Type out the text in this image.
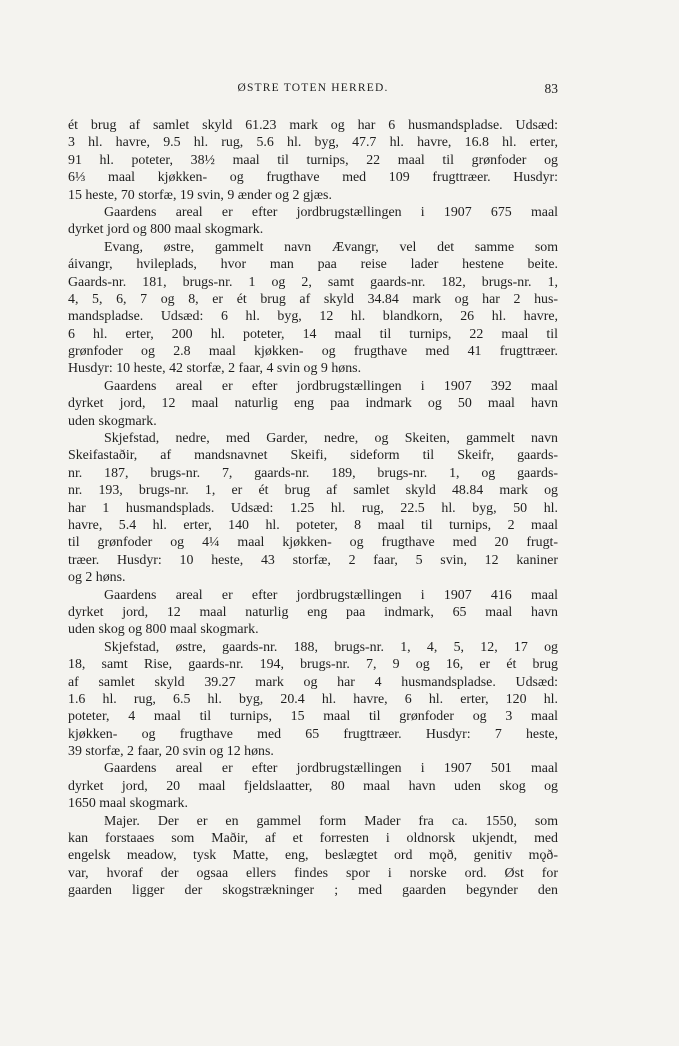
ØSTRE TOTEN HERRED.	83
ét brug af samlet skyld 61.23 mark og har 6 husmandspladse. Udsæd:
3 hl. havre, 9.5 hl. rug, 5.6 hl. byg, 47.7 hl. havre, 16.8 hl. erter,
91 hl. poteter, 38½ maal til turnips, 22 maal til grønfoder og
6⅓ maal kjøkken- og frugthave med 109 frugttræer. Husdyr:
15 heste, 70 storfæ, 19 svin, 9 ænder og 2 gjæs.
Gaardens areal er efter jordbrugstællingen i 1907 675 maal
dyrket jord og 800 maal skogmark.
Evang, østre, gammelt navn Ævangr, vel det samme som
áivangr, hvileplads, hvor man paa reise lader hestene beite.
Gaards-nr. 181, brugs-nr. 1 og 2, samt gaards-nr. 182, brugs-nr. 1,
4, 5, 6, 7 og 8, er ét brug af skyld 34.84 mark og har 2 hus-
mandspladse. Udsæd: 6 hl. byg, 12 hl. blandkorn, 26 hl. havre,
6 hl. erter, 200 hl. poteter, 14 maal til turnips, 22 maal til
grønfoder og 2.8 maal kjøkken- og frugthave med 41 frugttræer.
Husdyr: 10 heste, 42 storfæ, 2 faar, 4 svin og 9 høns.
Gaardens areal er efter jordbrugstællingen i 1907 392 maal
dyrket jord, 12 maal naturlig eng paa indmark og 50 maal havn
uden skogmark.
Skjefstad, nedre, med Garder, nedre, og Skeiten, gammelt navn
Skeifastaðir, af mandsnavnet Skeifi, sideform til Skeifr, gaards-
nr. 187, brugs-nr. 7, gaards-nr. 189, brugs-nr. 1, og gaards-
nr. 193, brugs-nr. 1, er ét brug af samlet skyld 48.84 mark og
har 1 husmandsplads. Udsæd: 1.25 hl. rug, 22.5 hl. byg, 50 hl.
havre, 5.4 hl. erter, 140 hl. poteter, 8 maal til turnips, 2 maal
til grønfoder og 4¼ maal kjøkken- og frugthave med 20 frugt-
træer. Husdyr: 10 heste, 43 storfæ, 2 faar, 5 svin, 12 kaniner
og 2 høns.
Gaardens areal er efter jordbrugstællingen i 1907 416 maal
dyrket jord, 12 maal naturlig eng paa indmark, 65 maal havn
uden skog og 800 maal skogmark.
Skjefstad, østre, gaards-nr. 188, brugs-nr. 1, 4, 5, 12, 17 og
18, samt Rise, gaards-nr. 194, brugs-nr. 7, 9 og 16, er ét brug
af samlet skyld 39.27 mark og har 4 husmandspladse. Udsæd:
1.6 hl. rug, 6.5 hl. byg, 20.4 hl. havre, 6 hl. erter, 120 hl.
poteter, 4 maal til turnips, 15 maal til grønfoder og 3 maal
kjøkken- og frugthave med 65 frugttræer. Husdyr: 7 heste,
39 storfæ, 2 faar, 20 svin og 12 høns.
Gaardens areal er efter jordbrugstællingen i 1907 501 maal
dyrket jord, 20 maal fjeldslaatter, 80 maal havn uden skog og
1650 maal skogmark.
Majer. Der er en gammel form Mader fra ca. 1550, som
kan forstaaes som Maðir, af et forresten i oldnorsk ukjendt, med
engelsk meadow, tysk Matte, eng, beslægtet ord mǫð, genitiv mǫð-
var, hvoraf der ogsaa ellers findes spor i norske ord. Øst for
gaarden ligger der skogstrækninger ; med gaarden begynder den
